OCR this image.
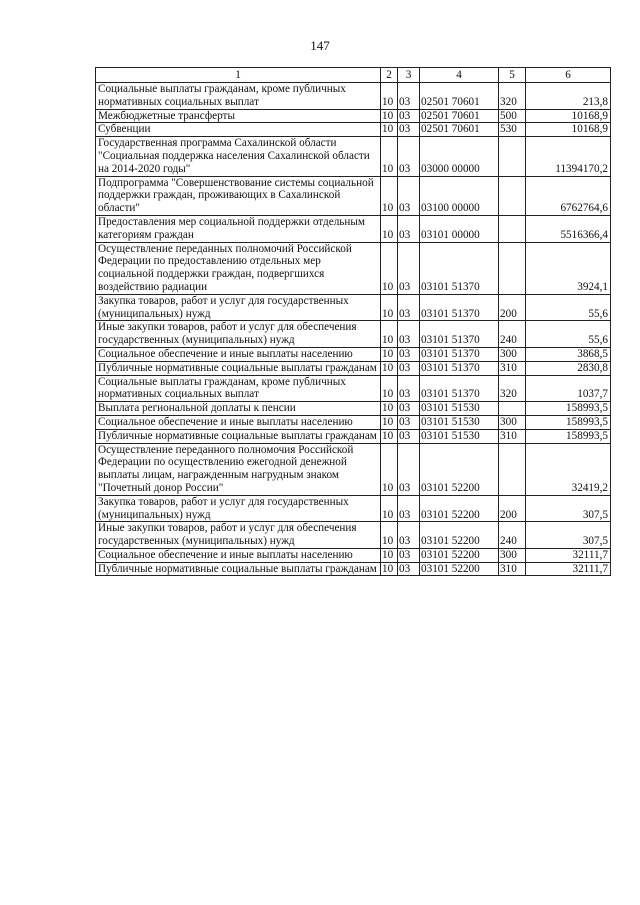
147
1	2	3	4	5	6
Социальные выплаты гражданам, кроме публичных нормативных социальных выплат	10	03	02501 70601	320	213,8
Межбюджетные трансферты	10	03	02501 70601	500	10168,9
Субвенции	10	03	02501 70601	530	10168,9
Государственная программа Сахалинской области "Социальная поддержка населения Сахалинской области на 2014-2020 годы"	10	03	03000 00000		11394170,2
Подпрограмма "Совершенствование системы социальной поддержки граждан, проживающих в Сахалинской области"	10	03	03100 00000		6762764,6
Предоставления мер социальной поддержки отдельным категориям граждан	10	03	03101 00000		5516366,4
Осуществление переданных полномочий Российской Федерации по предоставлению отдельных мер социальной поддержки граждан, подвергшихся воздействию радиации	10	03	03101 51370		3924,1
Закупка товаров, работ и услуг для государственных (муниципальных) нужд	10	03	03101 51370	200	55,6
Иные закупки товаров, работ и услуг для обеспечения государственных (муниципальных) нужд	10	03	03101 51370	240	55,6
Социальное обеспечение и иные выплаты населению	10	03	03101 51370	300	3868,5
Публичные нормативные социальные выплаты гражданам	10	03	03101 51370	310	2830,8
Социальные выплаты гражданам, кроме публичных нормативных социальных выплат	10	03	03101 51370	320	1037,7
Выплата региональной доплаты к пенсии	10	03	03101 51530		158993,5
Социальное обеспечение и иные выплаты населению	10	03	03101 51530	300	158993,5
Публичные нормативные социальные выплаты гражданам	10	03	03101 51530	310	158993,5
Осуществление переданного полномочия Российской Федерации по осуществлению ежегодной денежной выплаты лицам, награжденным нагрудным знаком "Почетный донор России"	10	03	03101 52200		32419,2
Закупка товаров, работ и услуг для государственных (муниципальных) нужд	10	03	03101 52200	200	307,5
Иные закупки товаров, работ и услуг для обеспечения государственных (муниципальных) нужд	10	03	03101 52200	240	307,5
Социальное обеспечение и иные выплаты населению	10	03	03101 52200	300	32111,7
Публичные нормативные социальные выплаты гражданам	10	03	03101 52200	310	32111,7
